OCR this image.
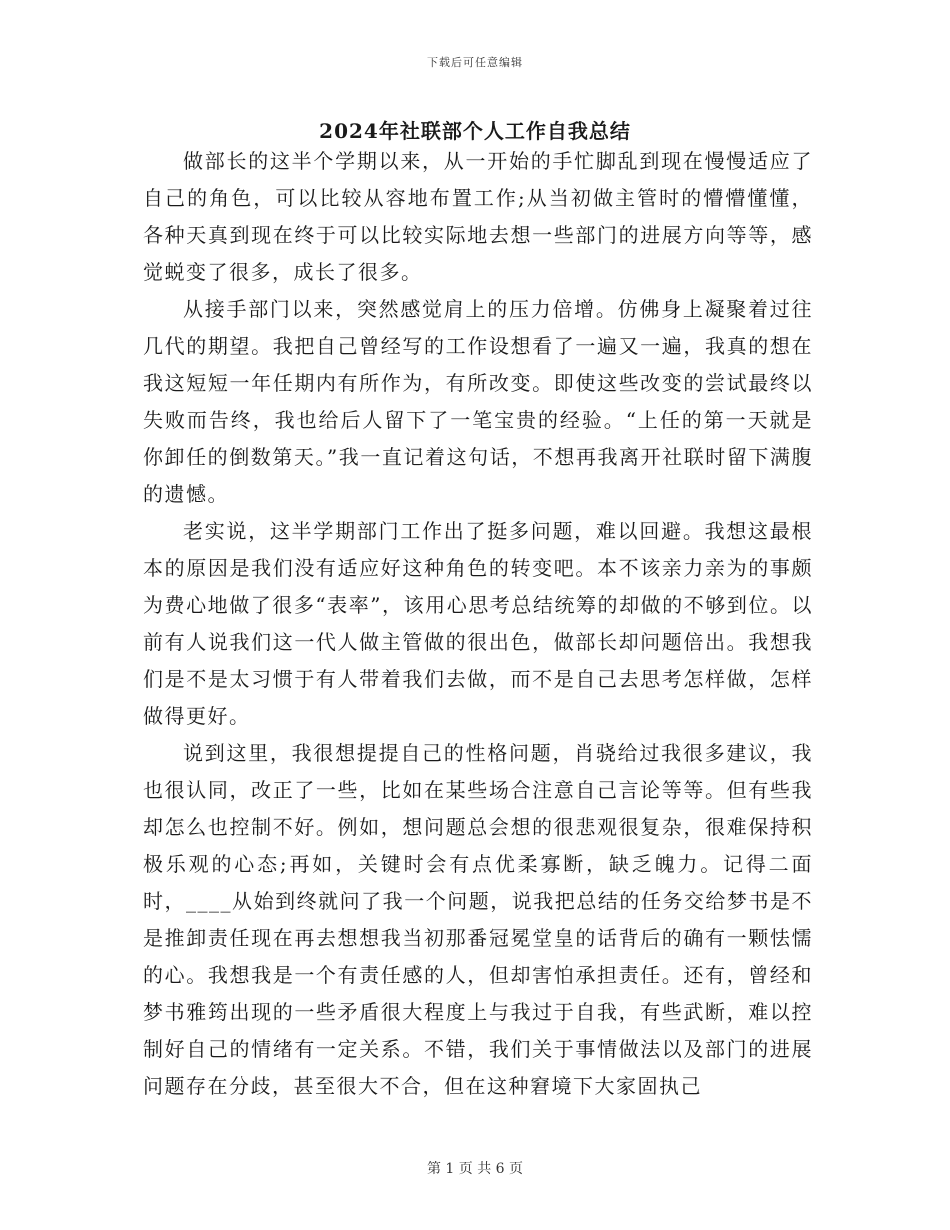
下载后可任意编辑
2024年社联部个人工作自我总结

做部长的这半个学期以来，从一开始的手忙脚乱到现在慢慢适应了自己的角色，可以比较从容地布置工作;从当初做主管时的懵懵懂懂，各种天真到现在终于可以比较实际地去想一些部门的进展方向等等，感觉蜕变了很多，成长了很多。

从接手部门以来，突然感觉肩上的压力倍增。仿佛身上凝聚着过往几代的期望。我把自己曾经写的工作设想看了一遍又一遍，我真的想在我这短短一年任期内有所作为，有所改变。即使这些改变的尝试最终以失败而告终，我也给后人留下了一笔宝贵的经验。“上任的第一天就是你卸任的倒数第天。”我一直记着这句话，不想再我离开社联时留下满腹的遗憾。

老实说，这半学期部门工作出了挺多问题，难以回避。我想这最根本的原因是我们没有适应好这种角色的转变吧。本不该亲力亲为的事颇为费心地做了很多“表率”，该用心思考总结统筹的却做的不够到位。以前有人说我们这一代人做主管做的很出色，做部长却问题倍出。我想我们是不是太习惯于有人带着我们去做，而不是自己去思考怎样做，怎样做得更好。

说到这里，我很想提提自己的性格问题，肖骁给过我很多建议，我也很认同，改正了一些，比如在某些场合注意自己言论等等。但有些我却怎么也控制不好。例如，想问题总会想的很悲观很复杂，很难保持积极乐观的心态;再如，关键时会有点优柔寡断，缺乏魄力。记得二面时，____从始到终就问了我一个问题，说我把总结的任务交给梦书是不是推卸责任现在再去想想我当初那番冠冕堂皇的话背后的确有一颗怯懦的心。我想我是一个有责任感的人，但却害怕承担责任。还有，曾经和梦书雅筠出现的一些矛盾很大程度上与我过于自我，有些武断，难以控制好自己的情绪有一定关系。不错，我们关于事情做法以及部门的进展问题存在分歧，甚至很大不合，但在这种窘境下大家固执己

第 1 页 共 6 页
